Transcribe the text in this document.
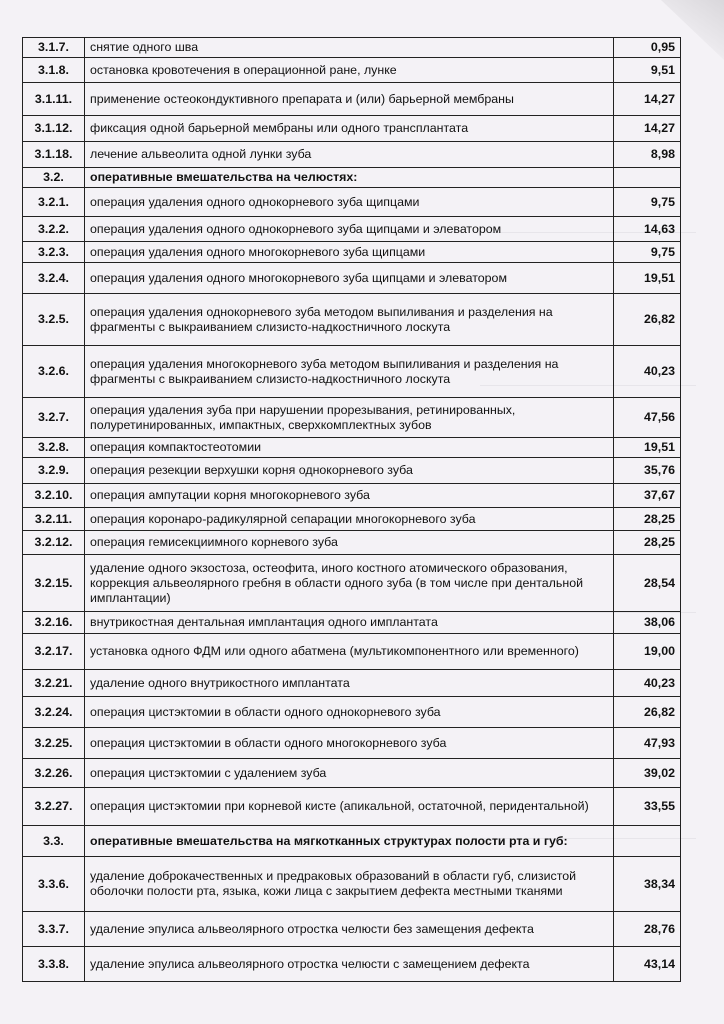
3.1.7.	снятие одного шва	0,95
3.1.8.	остановка кровотечения в операционной ране, лунке	9,51
3.1.11.	применение остеокондуктивного препарата и (или) барьерной мембраны	14,27
3.1.12.	фиксация одной барьерной мембраны или одного трансплантата	14,27
3.1.18.	лечение альвеолита одной лунки зуба	8,98
3.2.	оперативные вмешательства на челюстях:	
3.2.1.	операция удаления одного однокорневого зуба щипцами	9,75
3.2.2.	операция удаления одного однокорневого зуба щипцами и элеватором	14,63
3.2.3.	операция удаления одного многокорневого зуба щипцами	9,75
3.2.4.	операция удаления одного многокорневого зуба щипцами и элеватором	19,51
3.2.5.	операция удаления однокорневого зуба методом выпиливания и разделения на фрагменты с выкраиванием слизисто-надкостничного лоскута	26,82
3.2.6.	операция удаления многокорневого зуба методом выпиливания и разделения на фрагменты с выкраиванием слизисто-надкостничного лоскута	40,23
3.2.7.	операция удаления зуба при нарушении прорезывания, ретинированных, полуретинированных, импактных, сверхкомплектных зубов	47,56
3.2.8.	операция компактостеотомии	19,51
3.2.9.	операция резекции верхушки корня однокорневого зуба	35,76
3.2.10.	операция ампутации корня многокорневого зуба	37,67
3.2.11.	операция коронаро-радикулярной сепарации многокорневого зуба	28,25
3.2.12.	операция гемисекциимного корневого зуба	28,25
3.2.15.	удаление одного экзостоза, остеофита, иного костного атомического образования, коррекция альвеолярного гребня в области одного зуба (в том числе при дентальной имплантации)	28,54
3.2.16.	внутрикостная дентальная имплантация одного имплантата	38,06
3.2.17.	установка одного ФДМ или одного абатмена (мультикомпонентного или временного)	19,00
3.2.21.	удаление одного внутрикостного имплантата	40,23
3.2.24.	операция цистэктомии в области одного однокорневого зуба	26,82
3.2.25.	операция цистэктомии в области одного многокорневого зуба	47,93
3.2.26.	операция цистэктомии с удалением зуба	39,02
3.2.27.	операция цистэктомии при корневой кисте (апикальной, остаточной, перидентальной)	33,55
3.3.	оперативные вмешательства на мягкотканных структурах полости рта и губ:	
3.3.6.	удаление доброкачественных и предраковых образований в области губ, слизистой оболочки полости рта, языка, кожи лица с закрытием дефекта местными тканями	38,34
3.3.7.	удаление эпулиса альвеолярного отростка челюсти без замещения дефекта	28,76
3.3.8.	удаление эпулиса альвеолярного отростка челюсти с замещением дефекта	43,14
